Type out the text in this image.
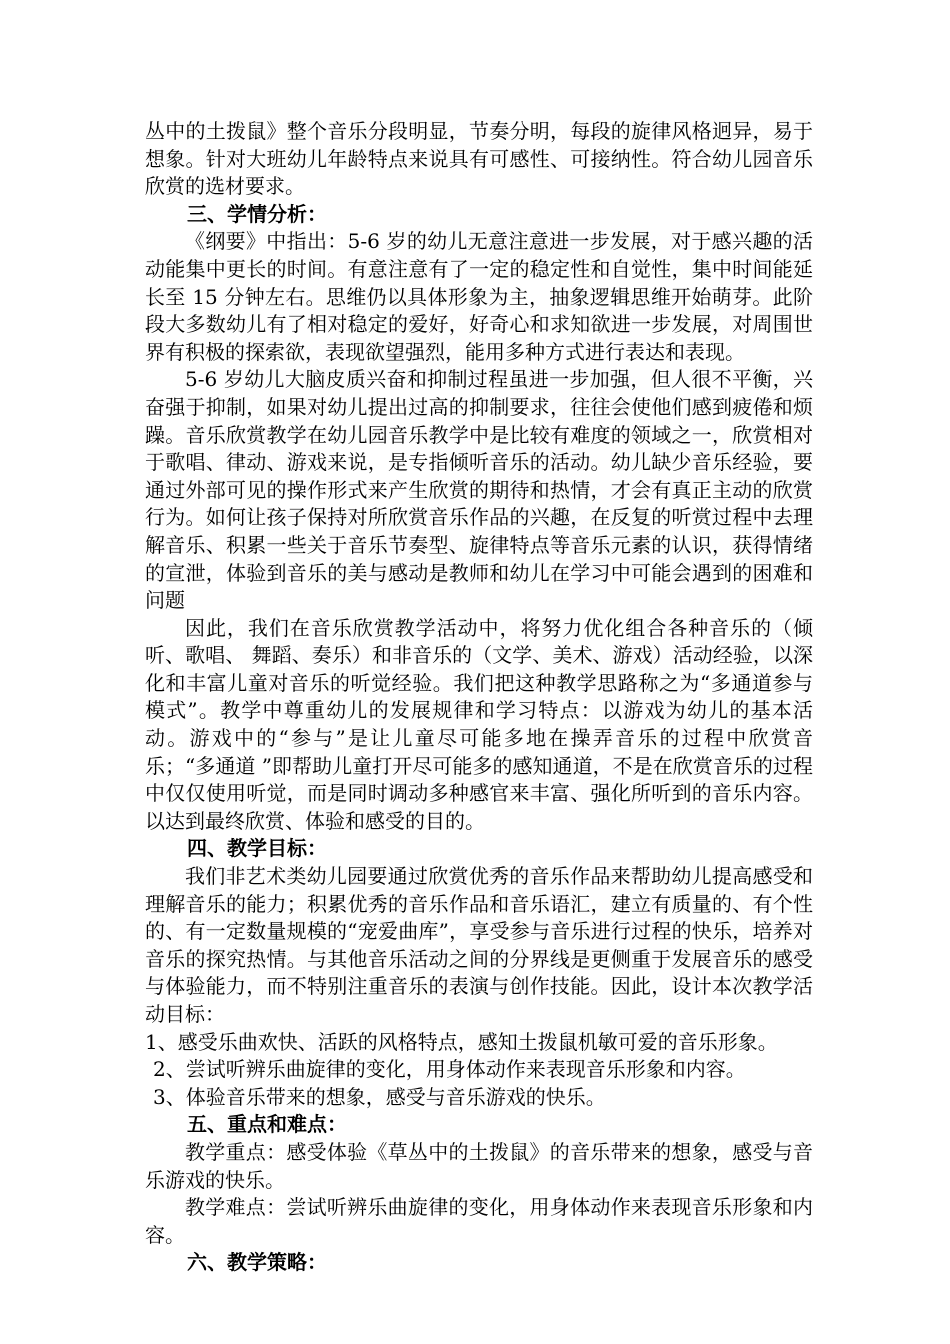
丛中的土拨鼠》整个音乐分段明显，节奏分明，每段的旋律风格迥异，易于想象。针对大班幼儿年龄特点来说具有可感性、可接纳性。符合幼儿园音乐欣赏的选材要求。

三、学情分析：

《纲要》中指出：5-6 岁的幼儿无意注意进一步发展，对于感兴趣的活动能集中更长的时间。有意注意有了一定的稳定性和自觉性，集中时间能延长至 15 分钟左右。思维仍以具体形象为主，抽象逻辑思维开始萌芽。此阶段大多数幼儿有了相对稳定的爱好，好奇心和求知欲进一步发展，对周围世界有积极的探索欲，表现欲望强烈，能用多种方式进行表达和表现。

5-6 岁幼儿大脑皮质兴奋和抑制过程虽进一步加强，但人很不平衡，兴奋强于抑制，如果对幼儿提出过高的抑制要求，往往会使他们感到疲倦和烦躁。音乐欣赏教学在幼儿园音乐教学中是比较有难度的领域之一，欣赏相对于歌唱、律动、游戏来说，是专指倾听音乐的活动。幼儿缺少音乐经验，要通过外部可见的操作形式来产生欣赏的期待和热情，才会有真正主动的欣赏行为。如何让孩子保持对所欣赏音乐作品的兴趣，在反复的听赏过程中去理解音乐、积累一些关于音乐节奏型、旋律特点等音乐元素的认识，获得情绪的宣泄，体验到音乐的美与感动是教师和幼儿在学习中可能会遇到的困难和问题

因此，我们在音乐欣赏教学活动中，将努力优化组合各种音乐的（倾听、歌唱、 舞蹈、奏乐）和非音乐的（文学、美术、游戏）活动经验，以深化和丰富儿童对音乐的听觉经验。我们把这种教学思路称之为“多通道参与模式”。教学中尊重幼儿的发展规律和学习特点：以游戏为幼儿的基本活动。游戏中的“参与”是让儿童尽可能多地在操弄音乐的过程中欣赏音乐；“多通道 ”即帮助儿童打开尽可能多的感知通道，不是在欣赏音乐的过程中仅仅使用听觉，而是同时调动多种感官来丰富、强化所听到的音乐内容。以达到最终欣赏、体验和感受的目的。

四、教学目标：

我们非艺术类幼儿园要通过欣赏优秀的音乐作品来帮助幼儿提高感受和理解音乐的能力；积累优秀的音乐作品和音乐语汇，建立有质量的、有个性的、有一定数量规模的“宠爱曲库”，享受参与音乐进行过程的快乐，培养对音乐的探究热情。与其他音乐活动之间的分界线是更侧重于发展音乐的感受与体验能力，而不特别注重音乐的表演与创作技能。因此，设计本次教学活动目标：

1、感受乐曲欢快、活跃的风格特点，感知土拨鼠机敏可爱的音乐形象。

2、尝试听辨乐曲旋律的变化，用身体动作来表现音乐形象和内容。

3、体验音乐带来的想象，感受与音乐游戏的快乐。

五、重点和难点：

教学重点：感受体验《草丛中的土拨鼠》的音乐带来的想象，感受与音乐游戏的快乐。

教学难点：尝试听辨乐曲旋律的变化，用身体动作来表现音乐形象和内容。

六、教学策略：
